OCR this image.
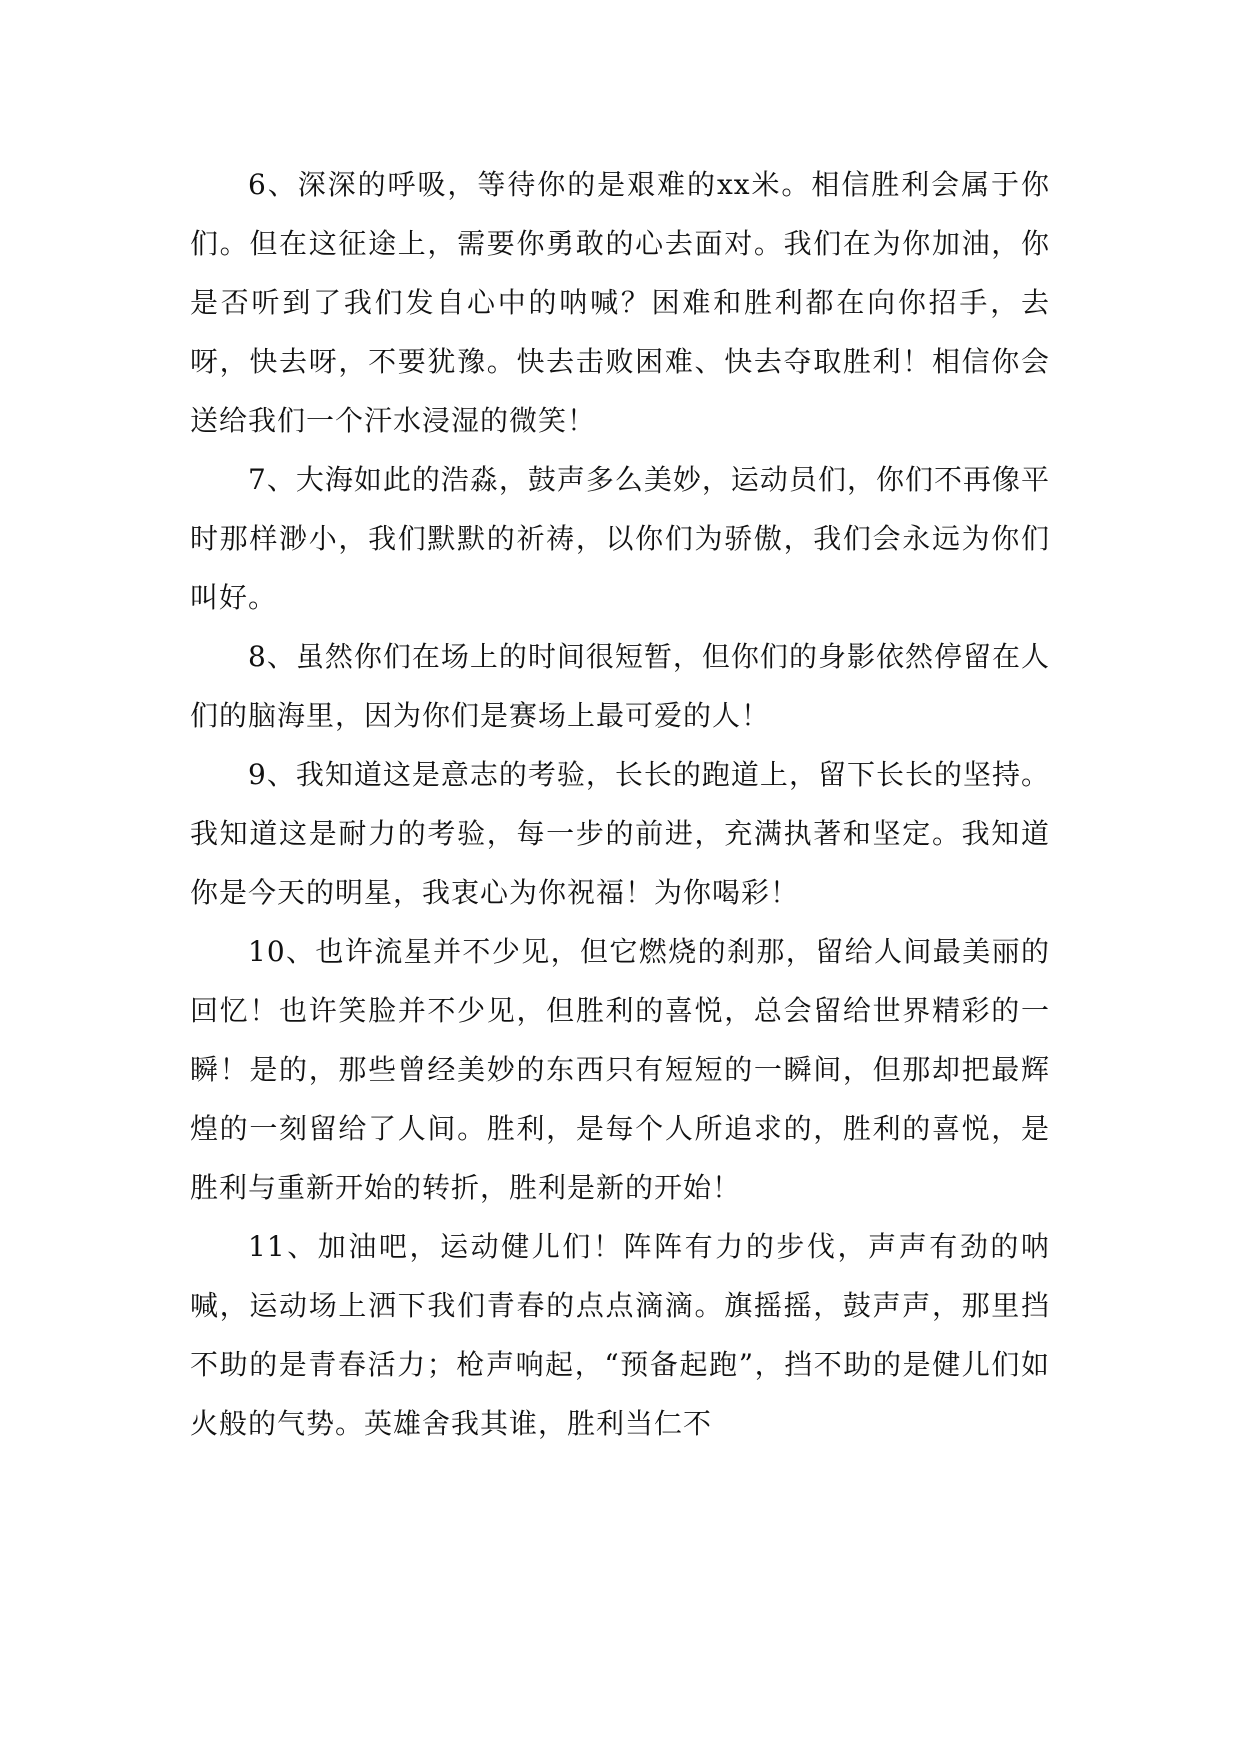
6、深深的呼吸，等待你的是艰难的xx米。相信胜利会属于你们。但在这征途上，需要你勇敢的心去面对。我们在为你加油，你是否听到了我们发自心中的呐喊？困难和胜利都在向你招手，去呀，快去呀，不要犹豫。快去击败困难、快去夺取胜利！相信你会送给我们一个汗水浸湿的微笑！

7、大海如此的浩淼，鼓声多么美妙，运动员们，你们不再像平时那样渺小，我们默默的祈祷，以你们为骄傲，我们会永远为你们叫好。

8、虽然你们在场上的时间很短暂，但你们的身影依然停留在人们的脑海里，因为你们是赛场上最可爱的人！

9、我知道这是意志的考验，长长的跑道上，留下长长的坚持。我知道这是耐力的考验，每一步的前进，充满执著和坚定。我知道你是今天的明星，我衷心为你祝福！为你喝彩！

10、也许流星并不少见，但它燃烧的刹那，留给人间最美丽的回忆！也许笑脸并不少见，但胜利的喜悦，总会留给世界精彩的一瞬！是的，那些曾经美妙的东西只有短短的一瞬间，但那却把最辉煌的一刻留给了人间。胜利，是每个人所追求的，胜利的喜悦，是胜利与重新开始的转折，胜利是新的开始！

11、加油吧，运动健儿们！阵阵有力的步伐，声声有劲的呐喊，运动场上洒下我们青春的点点滴滴。旗摇摇，鼓声声，那里挡不助的是青春活力；枪声响起，“预备起跑”，挡不助的是健儿们如火般的气势。英雄舍我其谁，胜利当仁不
